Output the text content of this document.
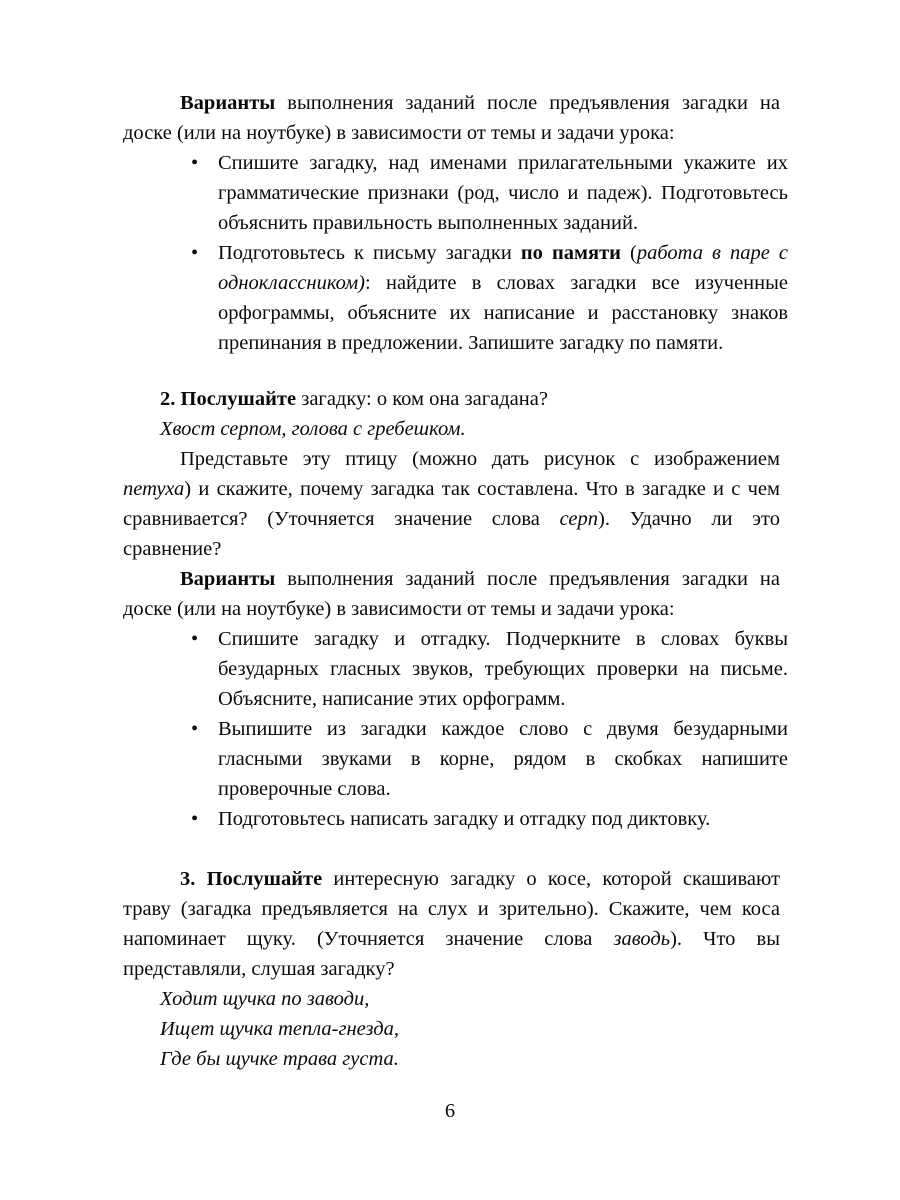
Варианты выполнения заданий после предъявления загадки на доске (или на ноутбуке) в зависимости от темы и задачи урока:

• Спишите загадку, над именами прилагательными укажите их грамматические признаки (род, число и падеж). Подготовьтесь объяснить правильность выполненных заданий.
• Подготовьтесь к письму загадки по памяти (работа в паре с одноклассником): найдите в словах загадки все изученные орфограммы, объясните их написание и расстановку знаков препинания в предложении. Запишите загадку по памяти.

2. Послушайте загадку: о ком она загадана?

Хвост серпом, голова с гребешком.

Представьте эту птицу (можно дать рисунок с изображением петуха) и скажите, почему загадка так составлена. Что в загадке и с чем сравнивается? (Уточняется значение слова серп). Удачно ли это сравнение?

Варианты выполнения заданий после предъявления загадки на доске (или на ноутбуке) в зависимости от темы и задачи урока:

• Спишите загадку и отгадку. Подчеркните в словах буквы безударных гласных звуков, требующих проверки на письме. Объясните, написание этих орфограмм.
• Выпишите из загадки каждое слово с двумя безударными гласными звуками в корне, рядом в скобках напишите проверочные слова.
• Подготовьтесь написать загадку и отгадку под диктовку.

3. Послушайте интересную загадку о косе, которой скашивают траву (загадка предъявляется на слух и зрительно). Скажите, чем коса напоминает щуку. (Уточняется значение слова заводь). Что вы представляли, слушая загадку?

Ходит щучка по заводи,
Ищет щучка тепла-гнезда,
Где бы щучке трава густа.
6
